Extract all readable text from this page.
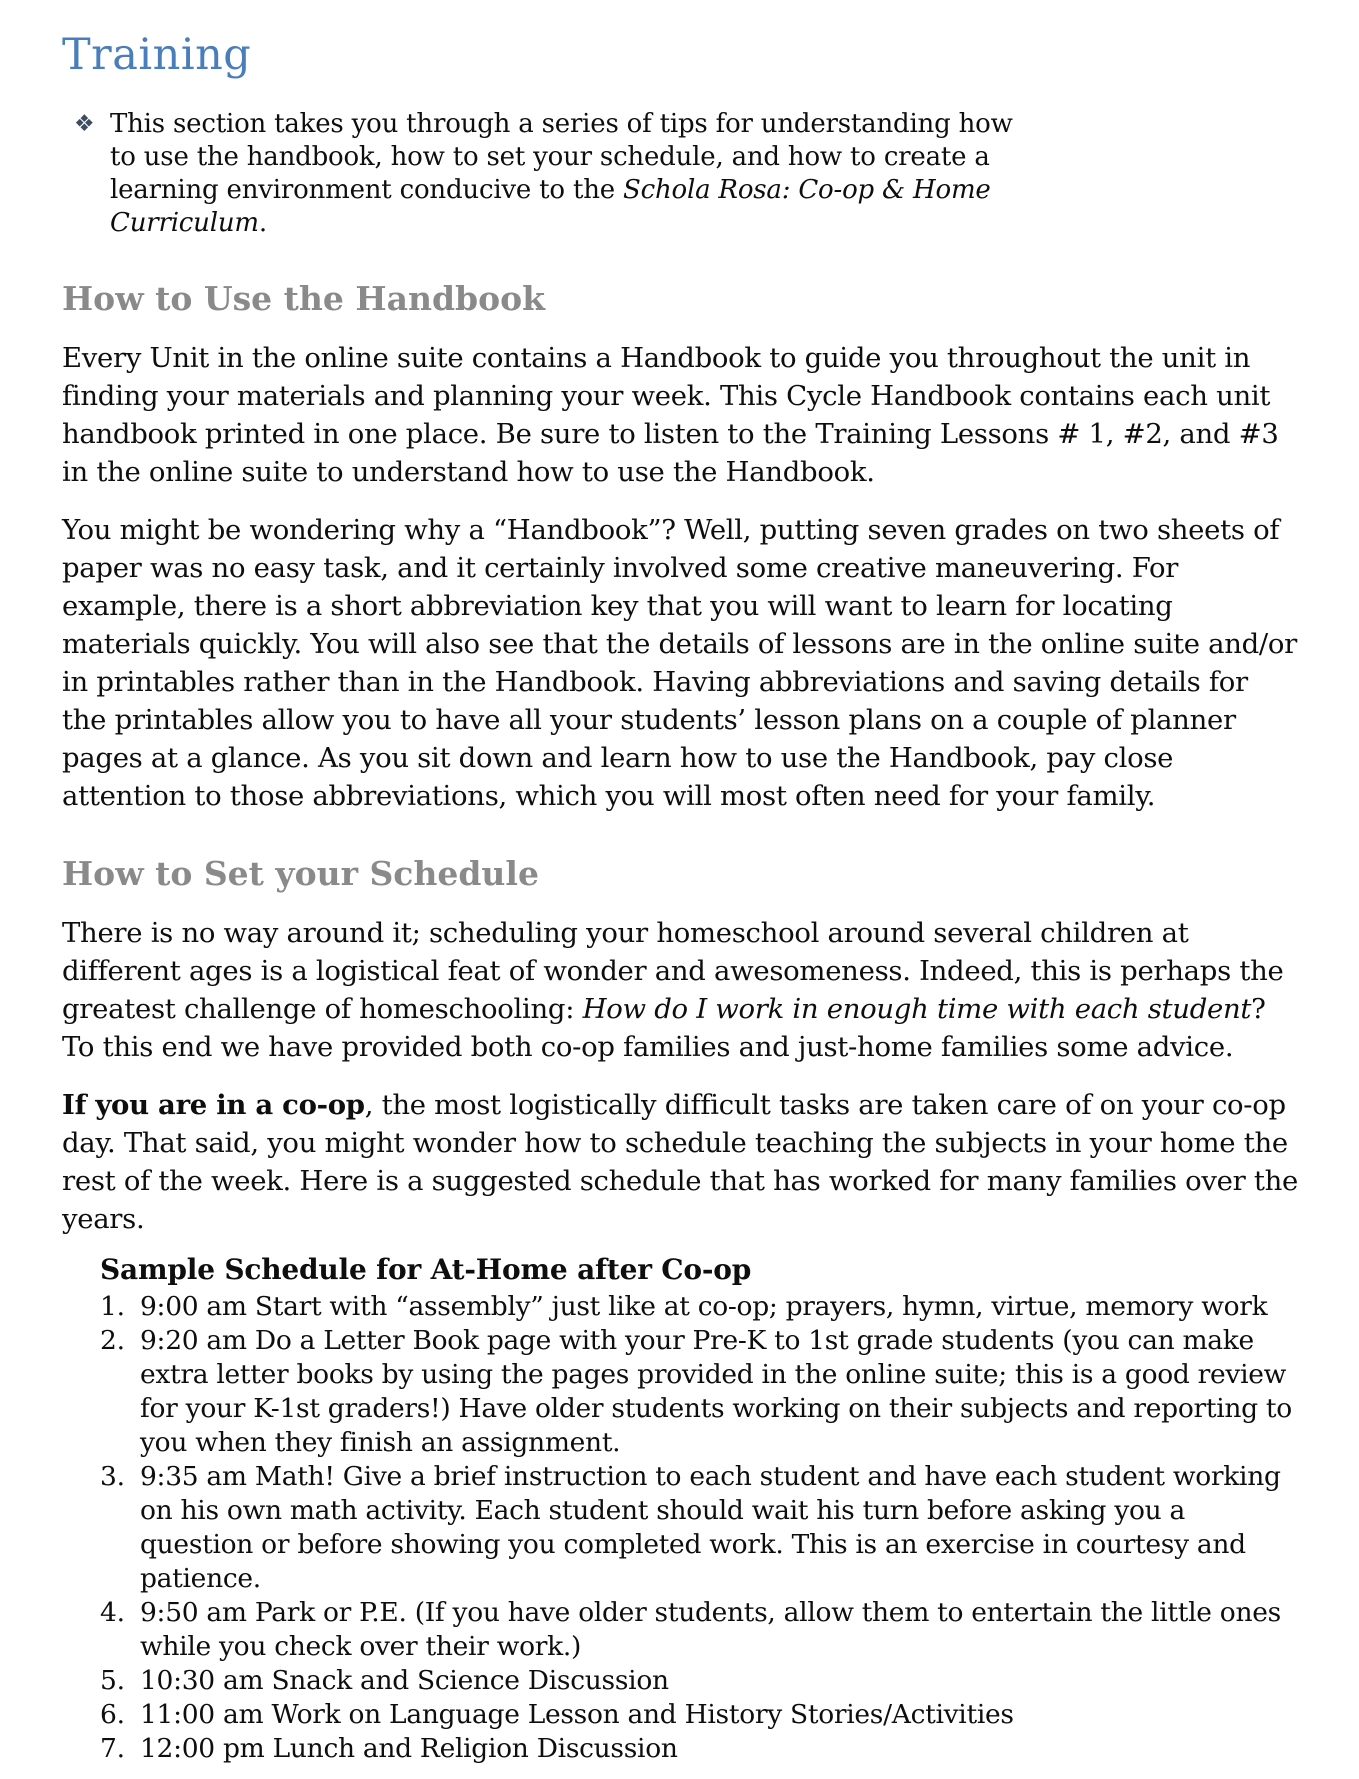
Training
❖ This section takes you through a series of tips for understanding how to use the handbook, how to set your schedule, and how to create a learning environment conducive to the Schola Rosa: Co-op & Home Curriculum.

How to Use the Handbook

Every Unit in the online suite contains a Handbook to guide you throughout the unit in finding your materials and planning your week. This Cycle Handbook contains each unit handbook printed in one place. Be sure to listen to the Training Lessons # 1, #2, and #3 in the online suite to understand how to use the Handbook.

You might be wondering why a “Handbook”? Well, putting seven grades on two sheets of paper was no easy task, and it certainly involved some creative maneuvering. For example, there is a short abbreviation key that you will want to learn for locating materials quickly. You will also see that the details of lessons are in the online suite and/or in printables rather than in the Handbook. Having abbreviations and saving details for the printables allow you to have all your students’ lesson plans on a couple of planner pages at a glance. As you sit down and learn how to use the Handbook, pay close attention to those abbreviations, which you will most often need for your family.

How to Set your Schedule

There is no way around it; scheduling your homeschool around several children at different ages is a logistical feat of wonder and awesomeness. Indeed, this is perhaps the greatest challenge of homeschooling: How do I work in enough time with each student? To this end we have provided both co-op families and just-home families some advice.

If you are in a co-op, the most logistically difficult tasks are taken care of on your co-op day. That said, you might wonder how to schedule teaching the subjects in your home the rest of the week. Here is a suggested schedule that has worked for many families over the years.

Sample Schedule for At-Home after Co-op

9:00 am Start with “assembly” just like at co-op; prayers, hymn, virtue, memory work
9:20 am Do a Letter Book page with your Pre-K to 1st grade students (you can make extra letter books by using the pages provided in the online suite; this is a good review for your K-1st graders!) Have older students working on their subjects and reporting to you when they finish an assignment.
9:35 am Math! Give a brief instruction to each student and have each student working on his own math activity. Each student should wait his turn before asking you a question or before showing you completed work. This is an exercise in courtesy and patience.
9:50 am Park or P.E. (If you have older students, allow them to entertain the little ones while you check over their work.)
10:30 am Snack and Science Discussion
11:00 am Work on Language Lesson and History Stories/Activities
12:00 pm Lunch and Religion Discussion
